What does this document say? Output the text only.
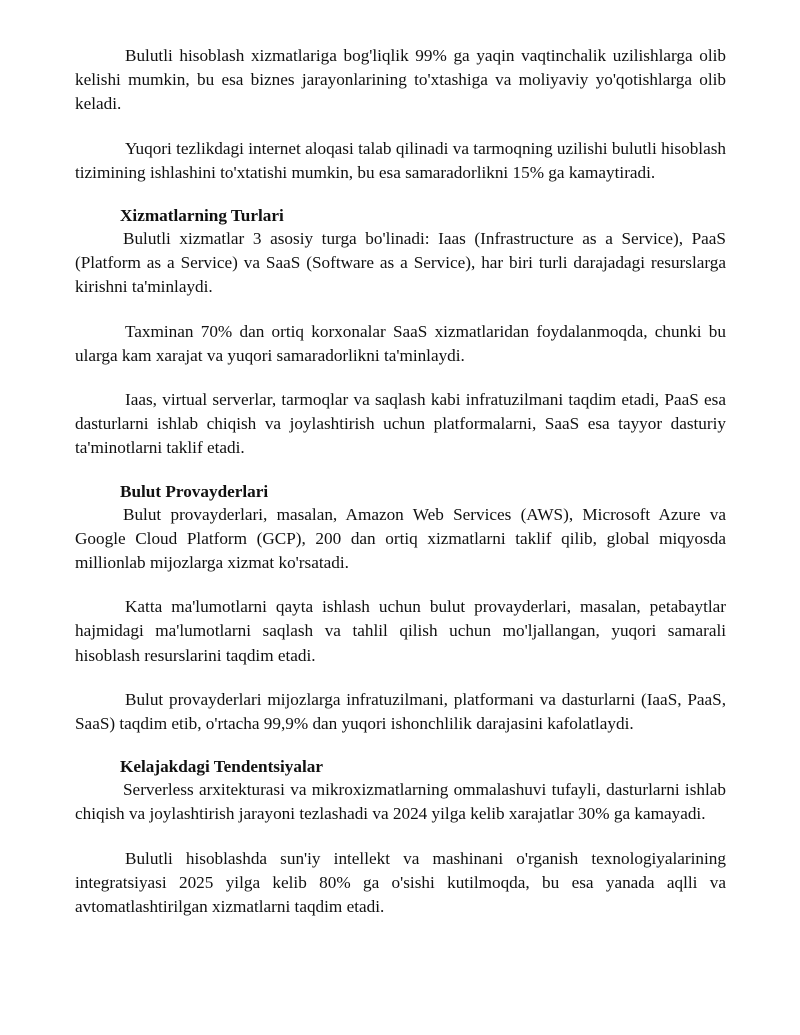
Bulutli hisoblash xizmatlariga bog'liqlik 99% ga yaqin vaqtinchalik uzilishlarga olib kelishi mumkin, bu esa biznes jarayonlarining to'xtashiga va moliyaviy yo'qotishlarga olib keladi.

Yuqori tezlikdagi internet aloqasi talab qilinadi va tarmoqning uzilishi bulutli hisoblash tizimining ishlashini to'xtatishi mumkin, bu esa samaradorlikni 15% ga kamaytiradi.

Xizmatlarning Turlari

Bulutli xizmatlar 3 asosiy turga bo'linadi: Iaas (Infrastructure as a Service), PaaS (Platform as a Service) va SaaS (Software as a Service), har biri turli darajadagi resurslarga kirishni ta'minlaydi.

Taxminan 70% dan ortiq korxonalar SaaS xizmatlaridan foydalanmoqda, chunki bu ularga kam xarajat va yuqori samaradorlikni ta'minlaydi.

Iaas, virtual serverlar, tarmoqlar va saqlash kabi infratuzilmani taqdim etadi, PaaS esa dasturlarni ishlab chiqish va joylashtirish uchun platformalarni, SaaS esa tayyor dasturiy ta'minotlarni taklif etadi.

Bulut Provayderlari

Bulut provayderlari, masalan, Amazon Web Services (AWS), Microsoft Azure va Google Cloud Platform (GCP), 200 dan ortiq xizmatlarni taklif qilib, global miqyosda millionlab mijozlarga xizmat ko'rsatadi.

Katta ma'lumotlarni qayta ishlash uchun bulut provayderlari, masalan, petabaytlar hajmidagi ma'lumotlarni saqlash va tahlil qilish uchun mo'ljallangan, yuqori samarali hisoblash resurslarini taqdim etadi.

Bulut provayderlari mijozlarga infratuzilmani, platformani va dasturlarni (IaaS, PaaS, SaaS) taqdim etib, o'rtacha 99,9% dan yuqori ishonchlilik darajasini kafolatlaydi.

Kelajakdagi Tendentsiyalar

Serverless arxitekturasi va mikroxizmatlarning ommalashuvi tufayli, dasturlarni ishlab chiqish va joylashtirish jarayoni tezlashadi va 2024 yilga kelib xarajatlar 30% ga kamayadi.

Bulutli hisoblashda sun'iy intellekt va mashinani o'rganish texnologiyalarining integratsiyasi 2025 yilga kelib 80% ga o'sishi kutilmoqda, bu esa yanada aqlli va avtomatlashtirilgan xizmatlarni taqdim etadi.
